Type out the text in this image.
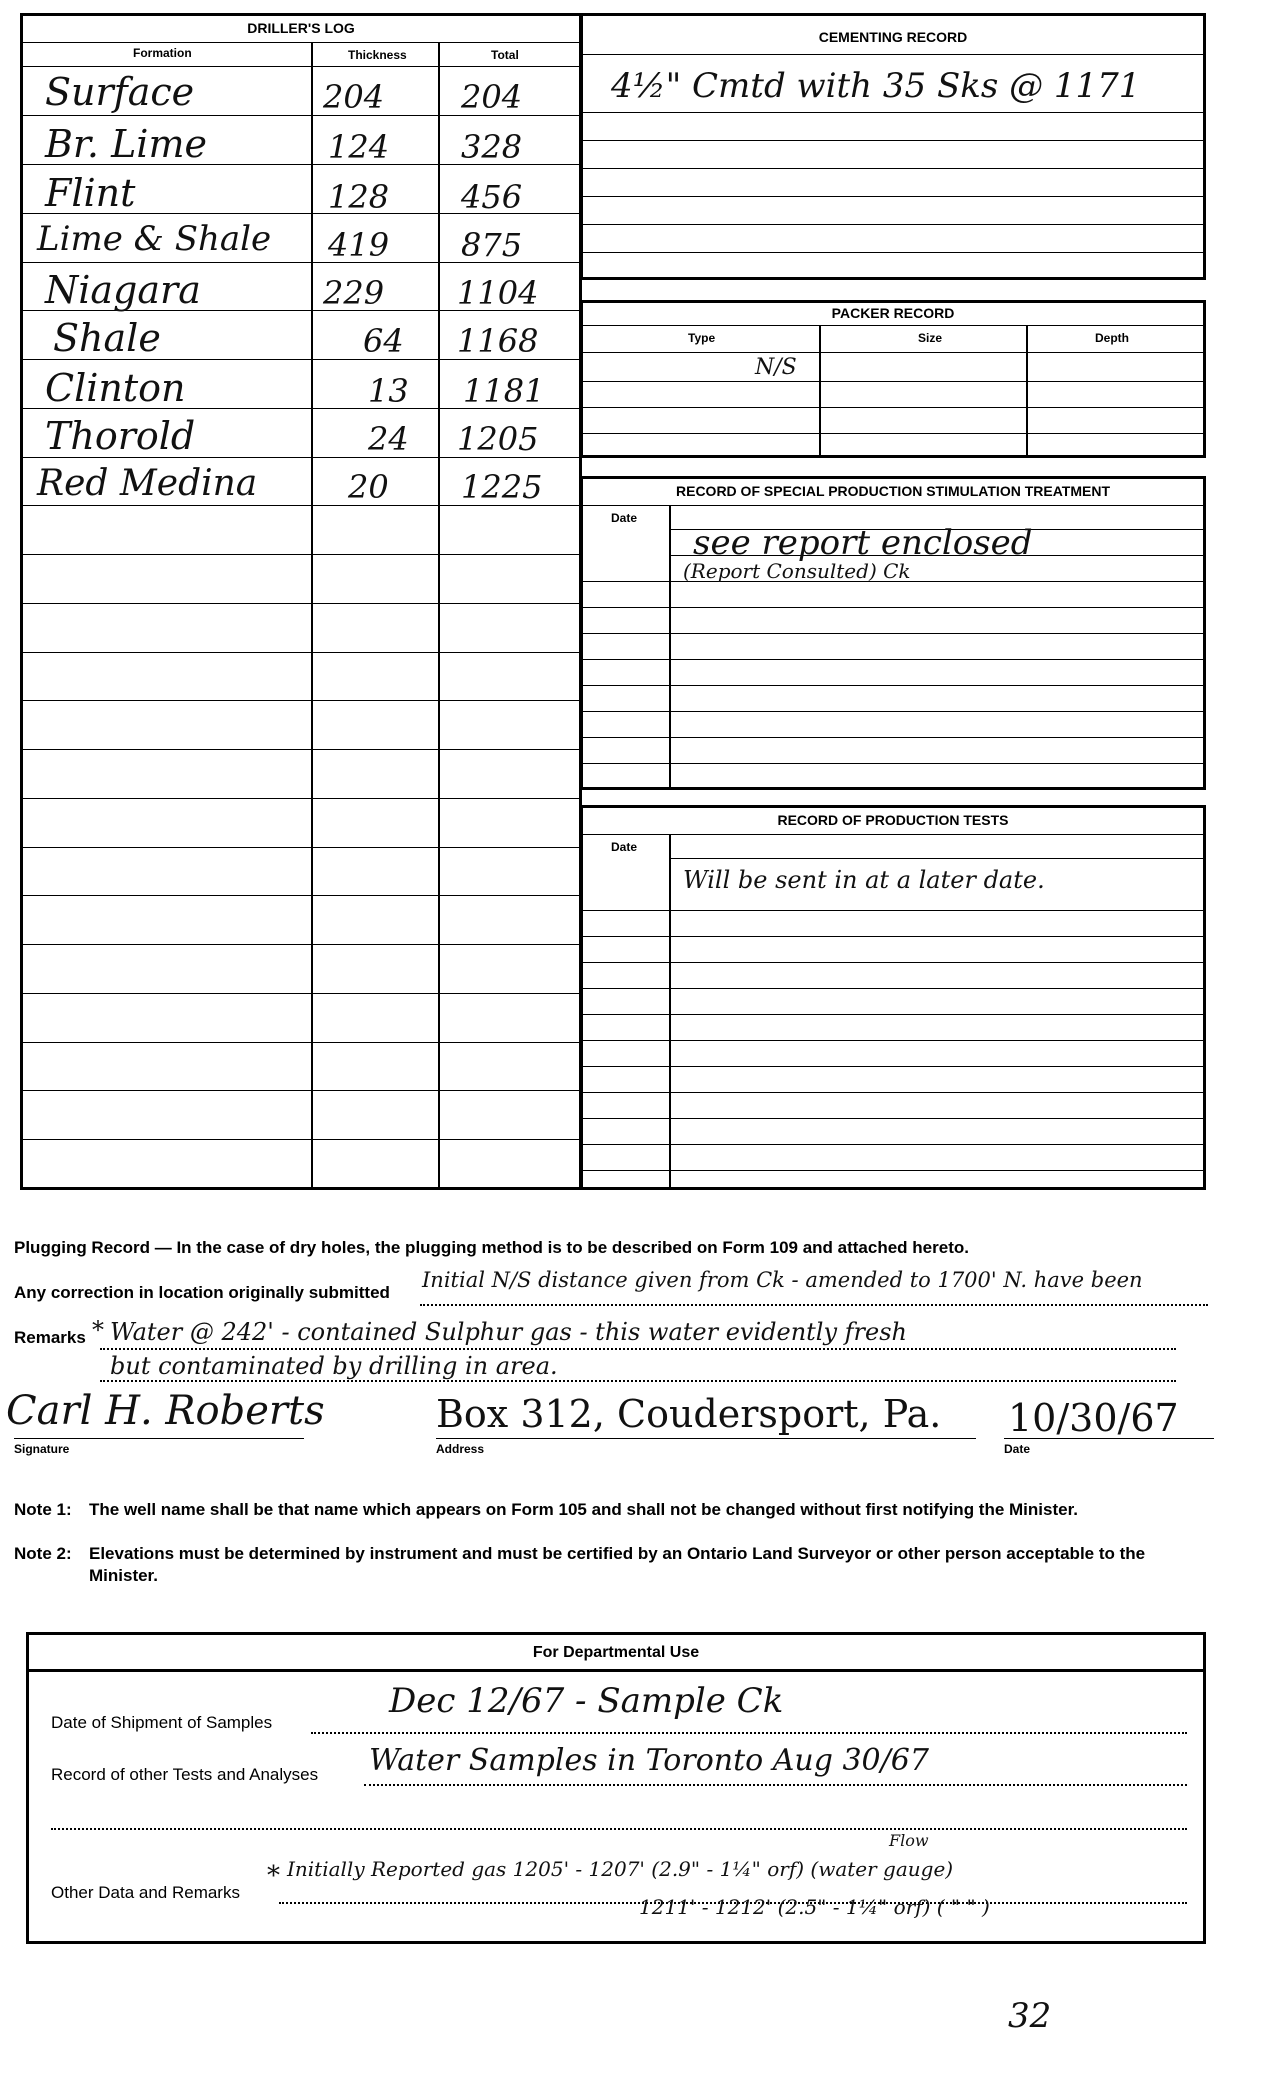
DRILLER'S LOG
Formation	Thickness	Total
Surface	204 204
Br. Lime	124 328
Flint	128 456
Lime & Shale 419 875
Niagara	229 1104
Shale	64 1168
Clinton	13 1181
Thorold	24 1205
Red Medina	20 1225
CEMENTING RECORD
4½" Cmtd with 35 Sks @ 1171
PACKER RECORD
Type	Size	Depth
N/S
RECORD OF SPECIAL PRODUCTION STIMULATION TREATMENT
Date
see report enclosed
(Report Consulted) Ck
RECORD OF PRODUCTION TESTS
Date
Will be sent in at a later date.
Plugging Record — In the case of dry holes, the plugging method is to be described on Form 109 and attached hereto.
Any correction in location originally submitted
Initial N/S distance given from Ck - amended to 1700' N. have been
Remarks * Water @ 242' - contained Sulphur gas - this water evidently fresh
but contaminated by drilling in area.
Carl H. Roberts
Signature
Box 312, Coudersport, Pa.
Address
10/30/67
Date
Note 1: The well name shall be that name which appears on Form 105 and shall not be changed without first notifying the Minister.
Note 2: Elevations must be determined by instrument and must be certified by an Ontario Land Surveyor or other person acceptable to the
Minister.
For Departmental Use
Date of Shipment of Samples
Dec 12/67 - Sample Ck
Record of other Tests and Analyses Water Samples in Toronto Aug 30/67
Other Data and Remarks
*
Flow
Initially Reported gas 1205' - 1207' (2.9" - 1¼" orf) (water gauge)
1211' - 1212' (2.5" - 1¼" orf) ( " " )
32
